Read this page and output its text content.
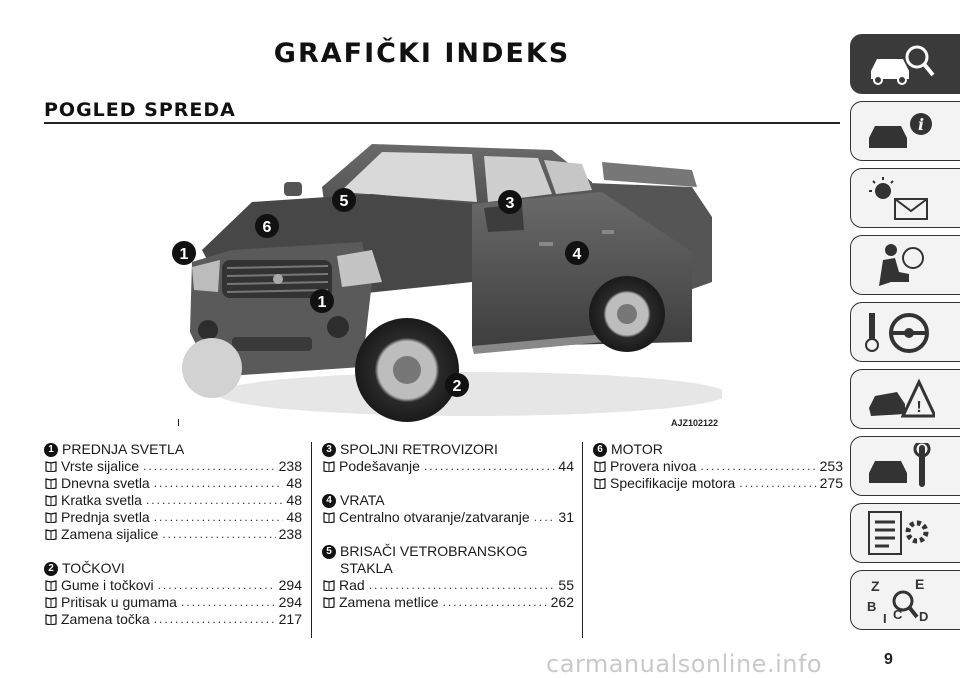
GRAFIČKI INDEKS
POGLED SPREDA
1
1
2
3
4
5
6
AJZ102122
1 PREDNJA SVETLA
Vrste sijalice .....	238
Dnevna svetla .....	48
Kratka svetla .....	48
Prednja svetla .....	48
Zamena sijalice .....	238
2 TOČKOVI
Gume i točkovi .....	294
Pritisak u gumama .....	294
Zamena točka .....	217
3 SPOLJNI RETROVIZORI
Podešavanje .....	44
4 VRATA
Centralno otvaranje/zatvaranje ..... 31
5 BRISAČI VETROBRANSKOG STAKLA
Rad .....	55
Zamena metlice .....	262
6 MOTOR
Provera nivoa .....	253
Specifikacije motora .....	275
i
!
Z	E
B
I C D
carmanualsonline.info	9
